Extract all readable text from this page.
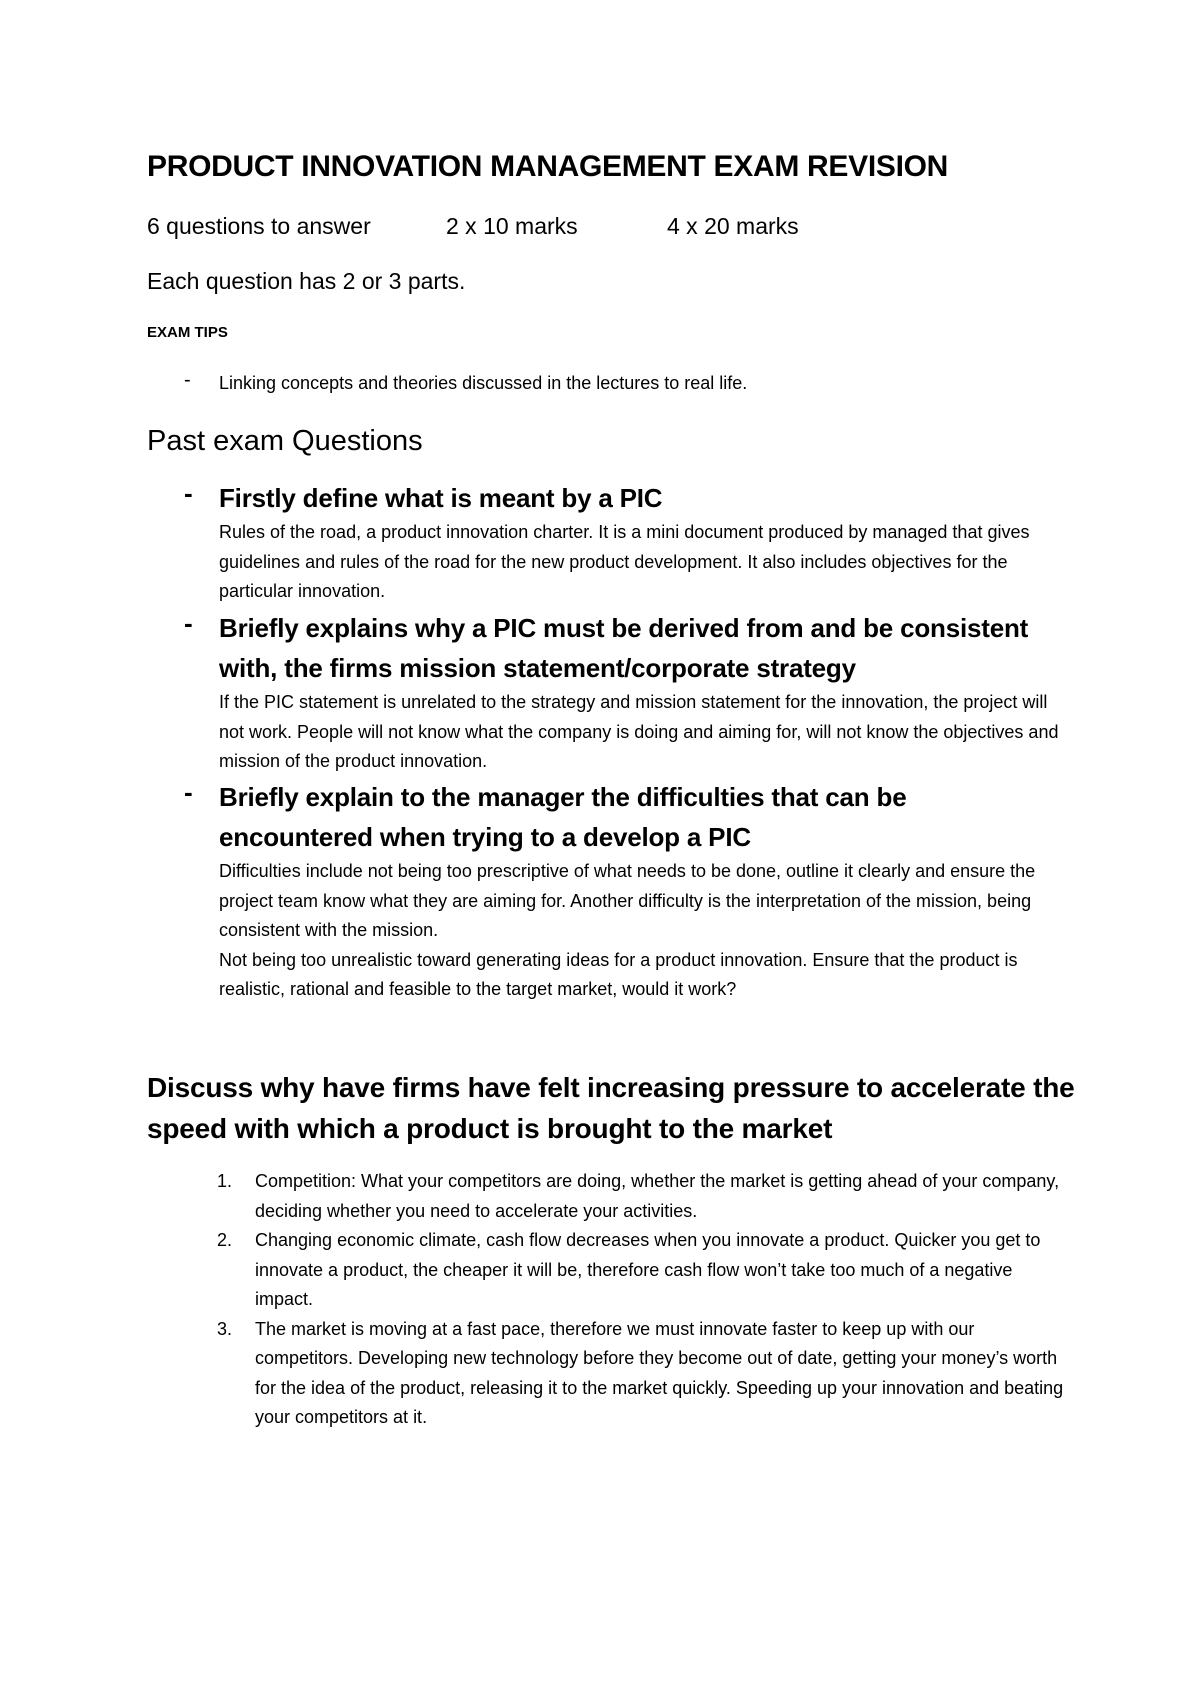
PRODUCT INNOVATION MANAGEMENT EXAM REVISION
6 questions to answer	2 x 10 marks	4 x 20 marks
Each question has 2 or 3 parts.
EXAM TIPS
- Linking concepts and theories discussed in the lectures to real life.
Past exam Questions
- Firstly define what is meant by a PIC

Rules of the road, a product innovation charter. It is a mini document produced by managed that gives guidelines and rules of the road for the new product development. It also includes objectives for the particular innovation.

- Briefly explains why a PIC must be derived from and be consistent with, the firms mission statement/corporate strategy

If the PIC statement is unrelated to the strategy and mission statement for the innovation, the project will not work. People will not know what the company is doing and aiming for, will not know the objectives and mission of the product innovation.

- Briefly explain to the manager the difficulties that can be encountered when trying to a develop a PIC

Difficulties include not being too prescriptive of what needs to be done, outline it clearly and ensure the project team know what they are aiming for. Another difficulty is the interpretation of the mission, being consistent with the mission.

Not being too unrealistic toward generating ideas for a product innovation. Ensure that the product is realistic, rational and feasible to the target market, would it work?

Discuss why have firms have felt increasing pressure to accelerate the speed with which a product is brought to the market
1. Competition: What your competitors are doing, whether the market is getting ahead of your company, deciding whether you need to accelerate your activities.
2. Changing economic climate, cash flow decreases when you innovate a product. Quicker you get to innovate a product, the cheaper it will be, therefore cash flow won’t take too much of a negative impact.
3. The market is moving at a fast pace, therefore we must innovate faster to keep up with our competitors. Developing new technology before they become out of date, getting your money’s worth for the idea of the product, releasing it to the market quickly. Speeding up your innovation and beating your competitors at it.
